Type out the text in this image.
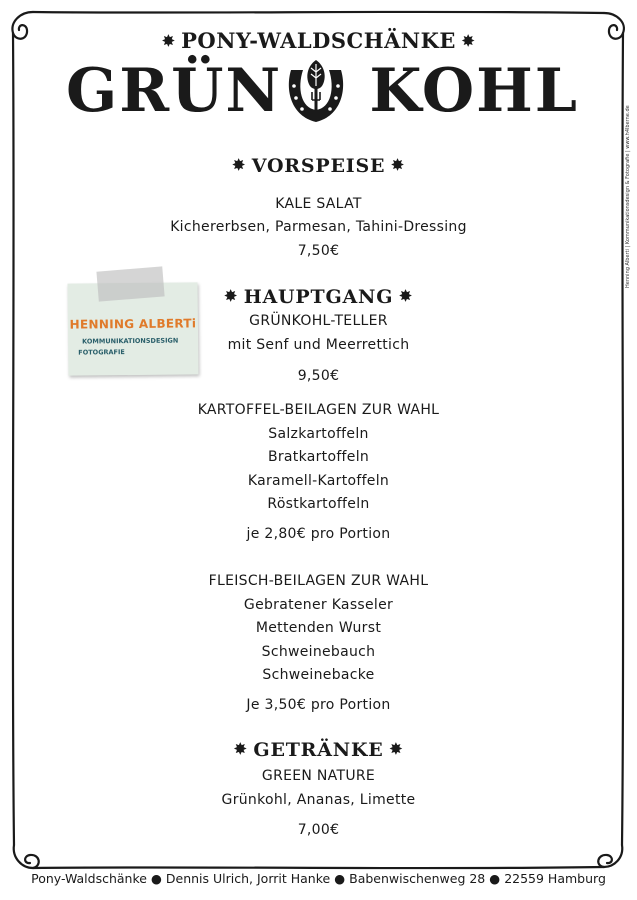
✸ PONY-WALDSCHÄNKE ✸
GRÜN KOHL
✸ VORSPEISE ✸
KALE SALAT
Kichererbsen, Parmesan, Tahini-Dressing
7,50€
HENNING ALBERTi
KOMMUNIKATIONSDESIGN
FOTOGRAFIE
✸ HAUPTGANG ✸
GRÜNKOHL-TELLER
mit Senf und Meerrettich
9,50€
KARTOFFEL-BEILAGEN ZUR WAHL
Salzkartoffeln
Bratkartoffeln
Karamell-Kartoffeln
Röstkartoffeln
je 2,80€ pro Portion
FLEISCH-BEILAGEN ZUR WAHL
Gebratener Kasseler
Mettenden Wurst
Schweinebauch
Schweinebacke
Je 3,50€ pro Portion
✸ GETRÄNKE ✸
GREEN NATURE
Grünkohl, Ananas, Limette
7,00€
Henning Alberti | Kommunikationsdesign & Fotografie | www.h4lberne.de
Pony-Waldschänke ● Dennis Ulrich, Jorrit Hanke ● Babenwischenweg 28 ● 22559 Hamburg
